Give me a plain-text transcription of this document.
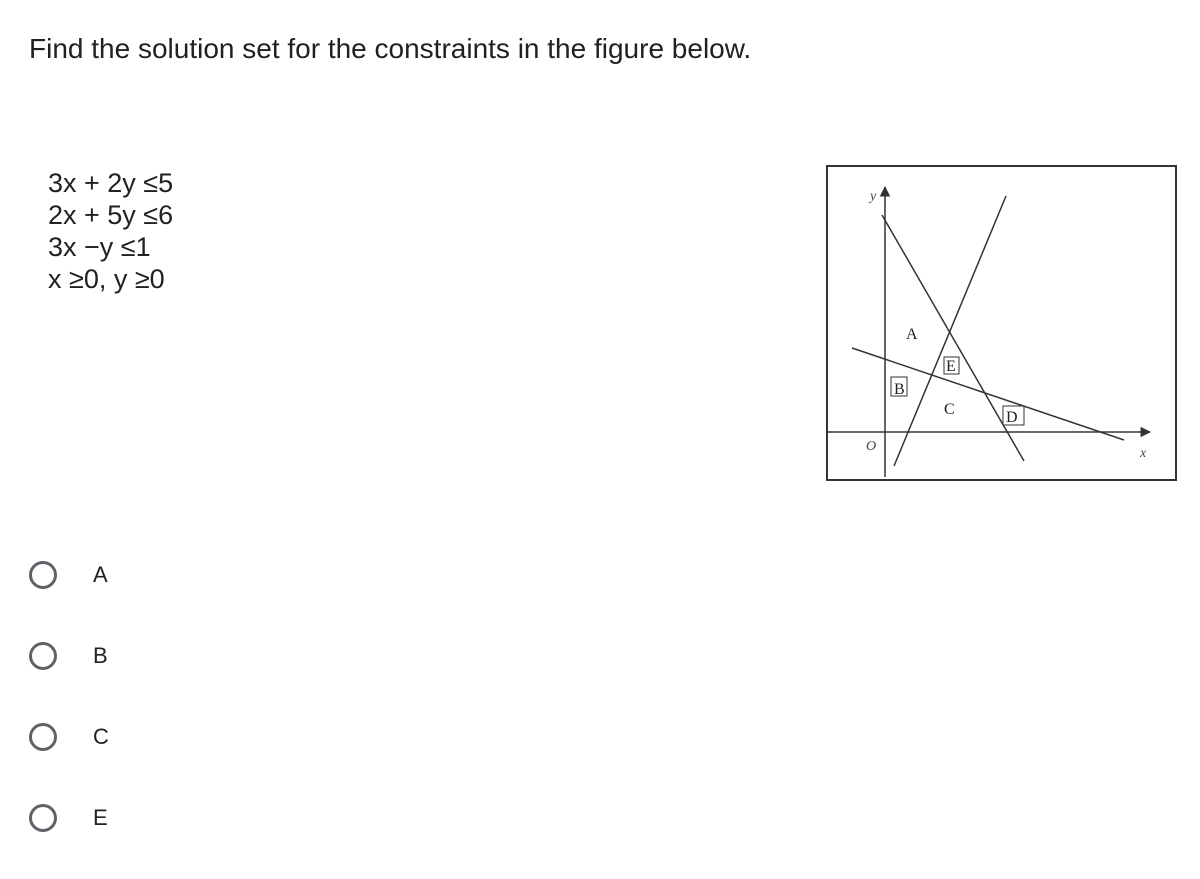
Find the solution set for the constraints in the figure below.
3x + 2y ≤5
2x + 5y ≤6
3x −y ≤1
x ≥0, y ≥0
A
B
C	D
E
O	x
y
A
B
C
E
